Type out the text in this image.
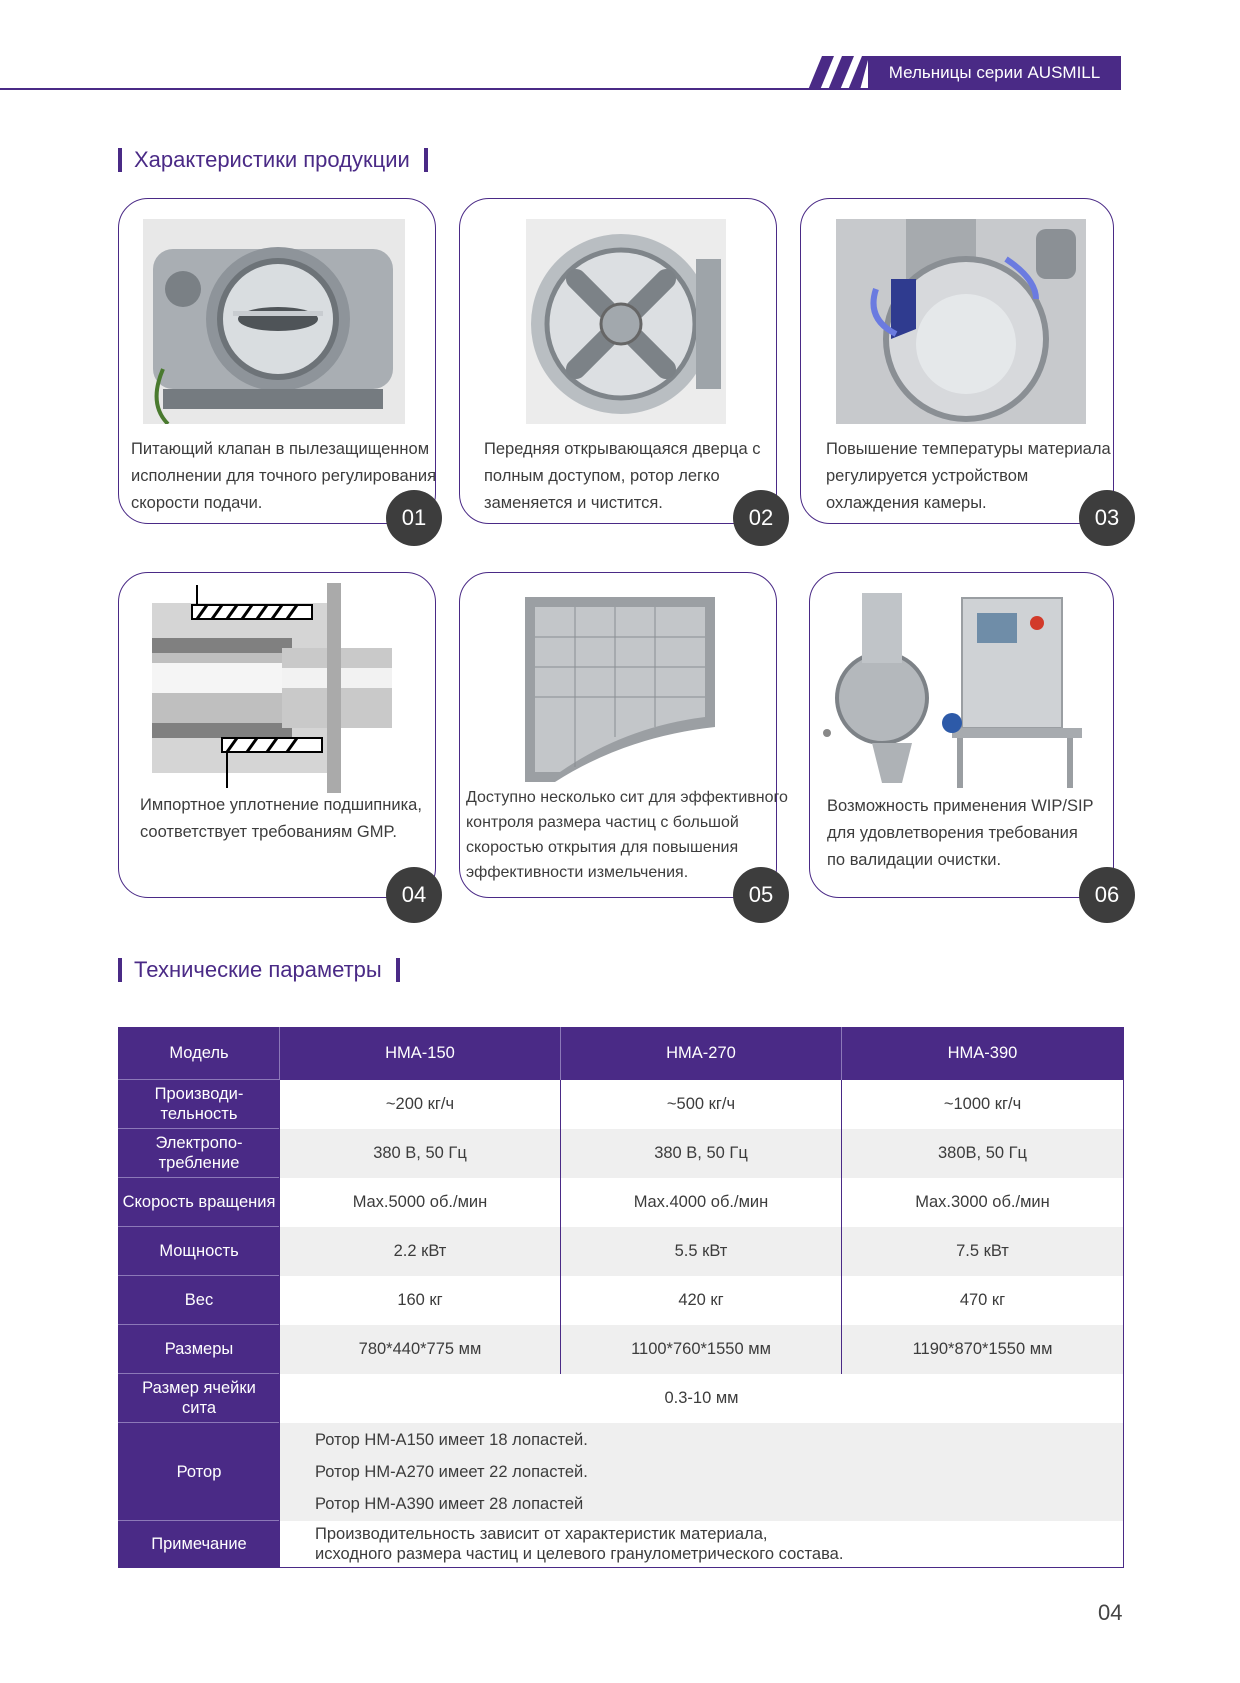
Мельницы серии AUSMILL
Характеристики продукции
Питающий клапан в пылезащищенном
исполнении для точного регулирования
скорости подачи.
01
Передняя открывающаяся дверца с
полным доступом, ротор легко
заменяется и чистится.
02
Повышение температуры материала
регулируется устройством
охлаждения камеры.
03
Импортное уплотнение подшипника,
соответствует требованиям GMP.
04
Доступно несколько сит для эффективного
контроля размера частиц с большой
скоростью открытия для повышения
эффективности измельчения.
05
Возможность применения WIP/SIP
для удовлетворения требования
по валидации очистки.
06
Технические параметры
Модель	HMA-150	HMA-270	HMA-390
Производи-
тельность	~200 кг/ч	~500 кг/ч	~1000 кг/ч
Электропо-
требление	380 В, 50 Гц	380 В, 50 Гц	380В, 50 Гц
Скорость вращения	Max.5000 об./мин	Max.4000 об./мин	Max.3000 об./мин
Мощность	2.2 кВт	5.5 кВт	7.5 кВт
Вес	160 кг	420 кг	470 кг
Размеры	780*440*775 мм	1100*760*1550 мм	1190*870*1550 мм
Размер ячейки
сита	0.3-10 мм		
Ротор	Ротор HM-A150 имеет 18 лопастей.
Ротор HM-A270 имеет 22 лопастей.
Ротор HM-A390 имеет 28 лопастей		

Примечание	Производительность зависит от характеристик материала,
исходного размера частиц и целевого гранулометрического состава.		
04
